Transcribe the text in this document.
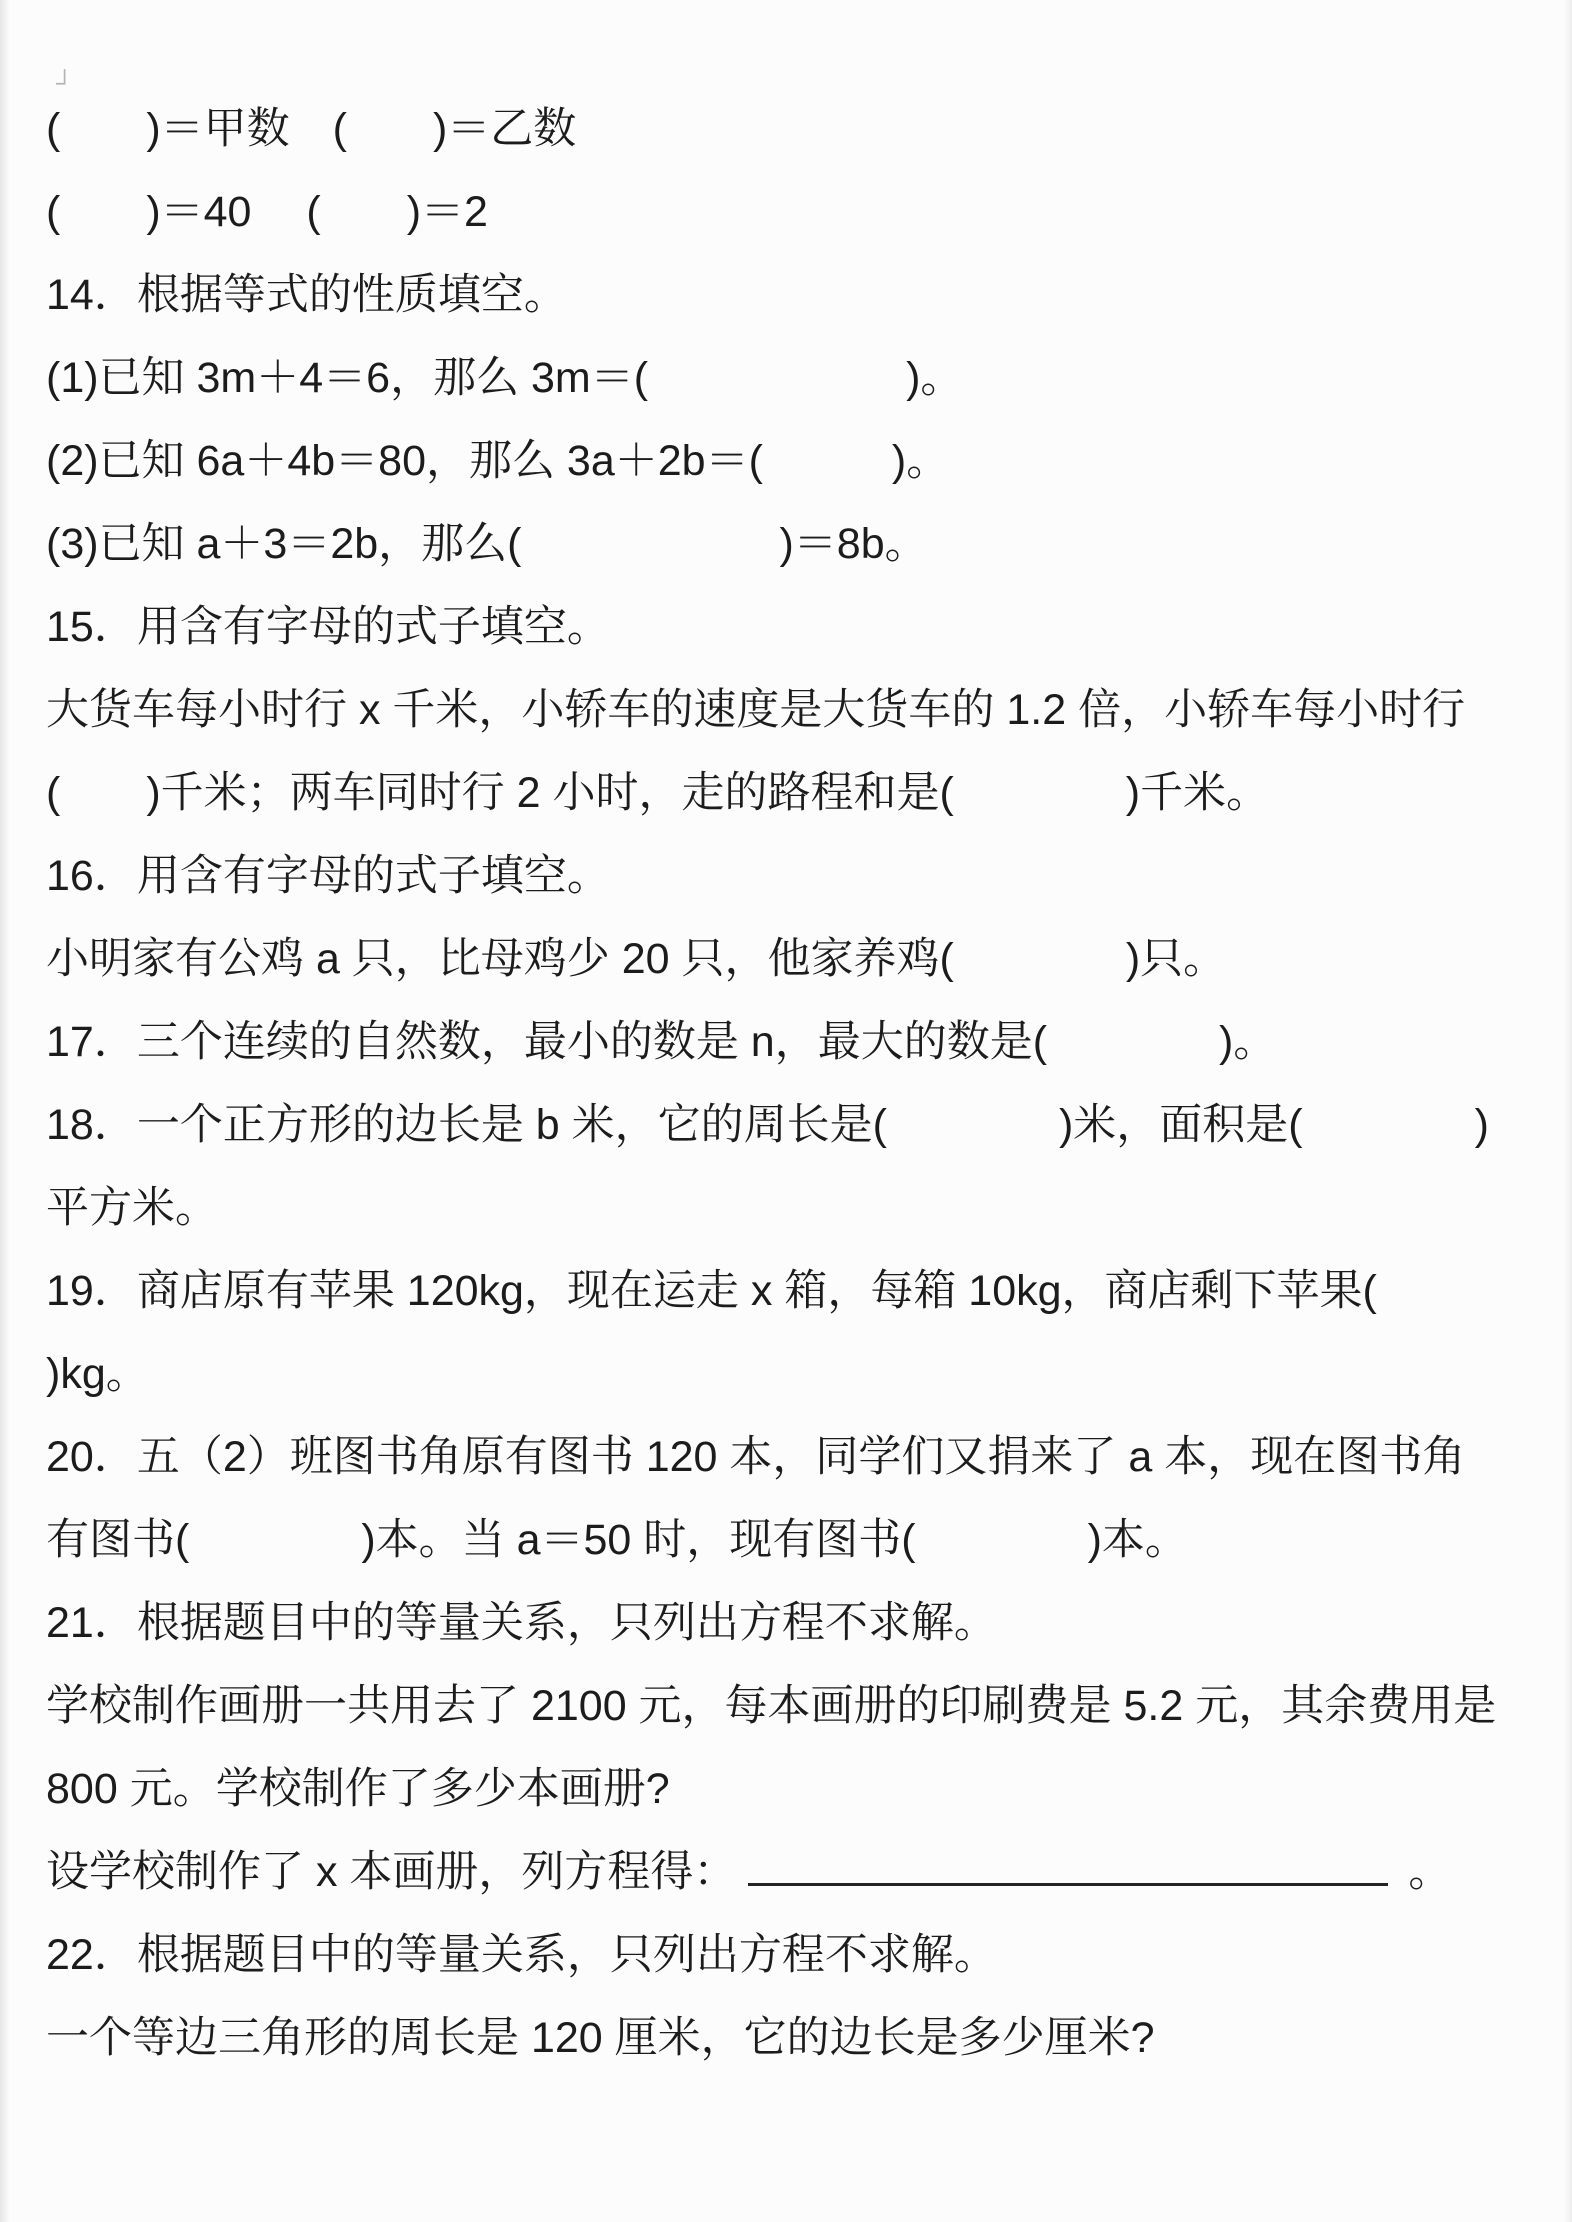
┘
(　　)＝甲数　(　　)＝乙数
(　　)＝40　 (　　)＝2
14．根据等式的性质填空。
(1)已知 3m＋4＝6，那么 3m＝(　　　　　　)。
(2)已知 6a＋4b＝80，那么 3a＋2b＝(　　　)。
(3)已知 a＋3＝2b，那么(　　　　　　)＝8b。
15．用含有字母的式子填空。
大货车每小时行 x 千米，小轿车的速度是大货车的 1.2 倍，小轿车每小时行
(　　)千米；两车同时行 2 小时，走的路程和是(　　　　)千米。
16．用含有字母的式子填空。
小明家有公鸡 a 只，比母鸡少 20 只，他家养鸡(　　　　)只。
17．三个连续的自然数，最小的数是 n，最大的数是(　　　　)。
18．一个正方形的边长是 b 米，它的周长是(　　　　)米，面积是(　　　　)
平方米。
19．商店原有苹果 120kg，现在运走 x 箱，每箱 10kg，商店剩下苹果(
)kg。
20．五（2）班图书角原有图书 120 本，同学们又捐来了 a 本，现在图书角
有图书(　　　　)本。当 a＝50 时，现有图书(　　　　)本。
21．根据题目中的等量关系，只列出方程不求解。
学校制作画册一共用去了 2100 元，每本画册的印刷费是 5.2 元，其余费用是
800 元。学校制作了多少本画册?
设学校制作了 x 本画册，列方程得：	。
22．根据题目中的等量关系，只列出方程不求解。
一个等边三角形的周长是 120 厘米，它的边长是多少厘米?
